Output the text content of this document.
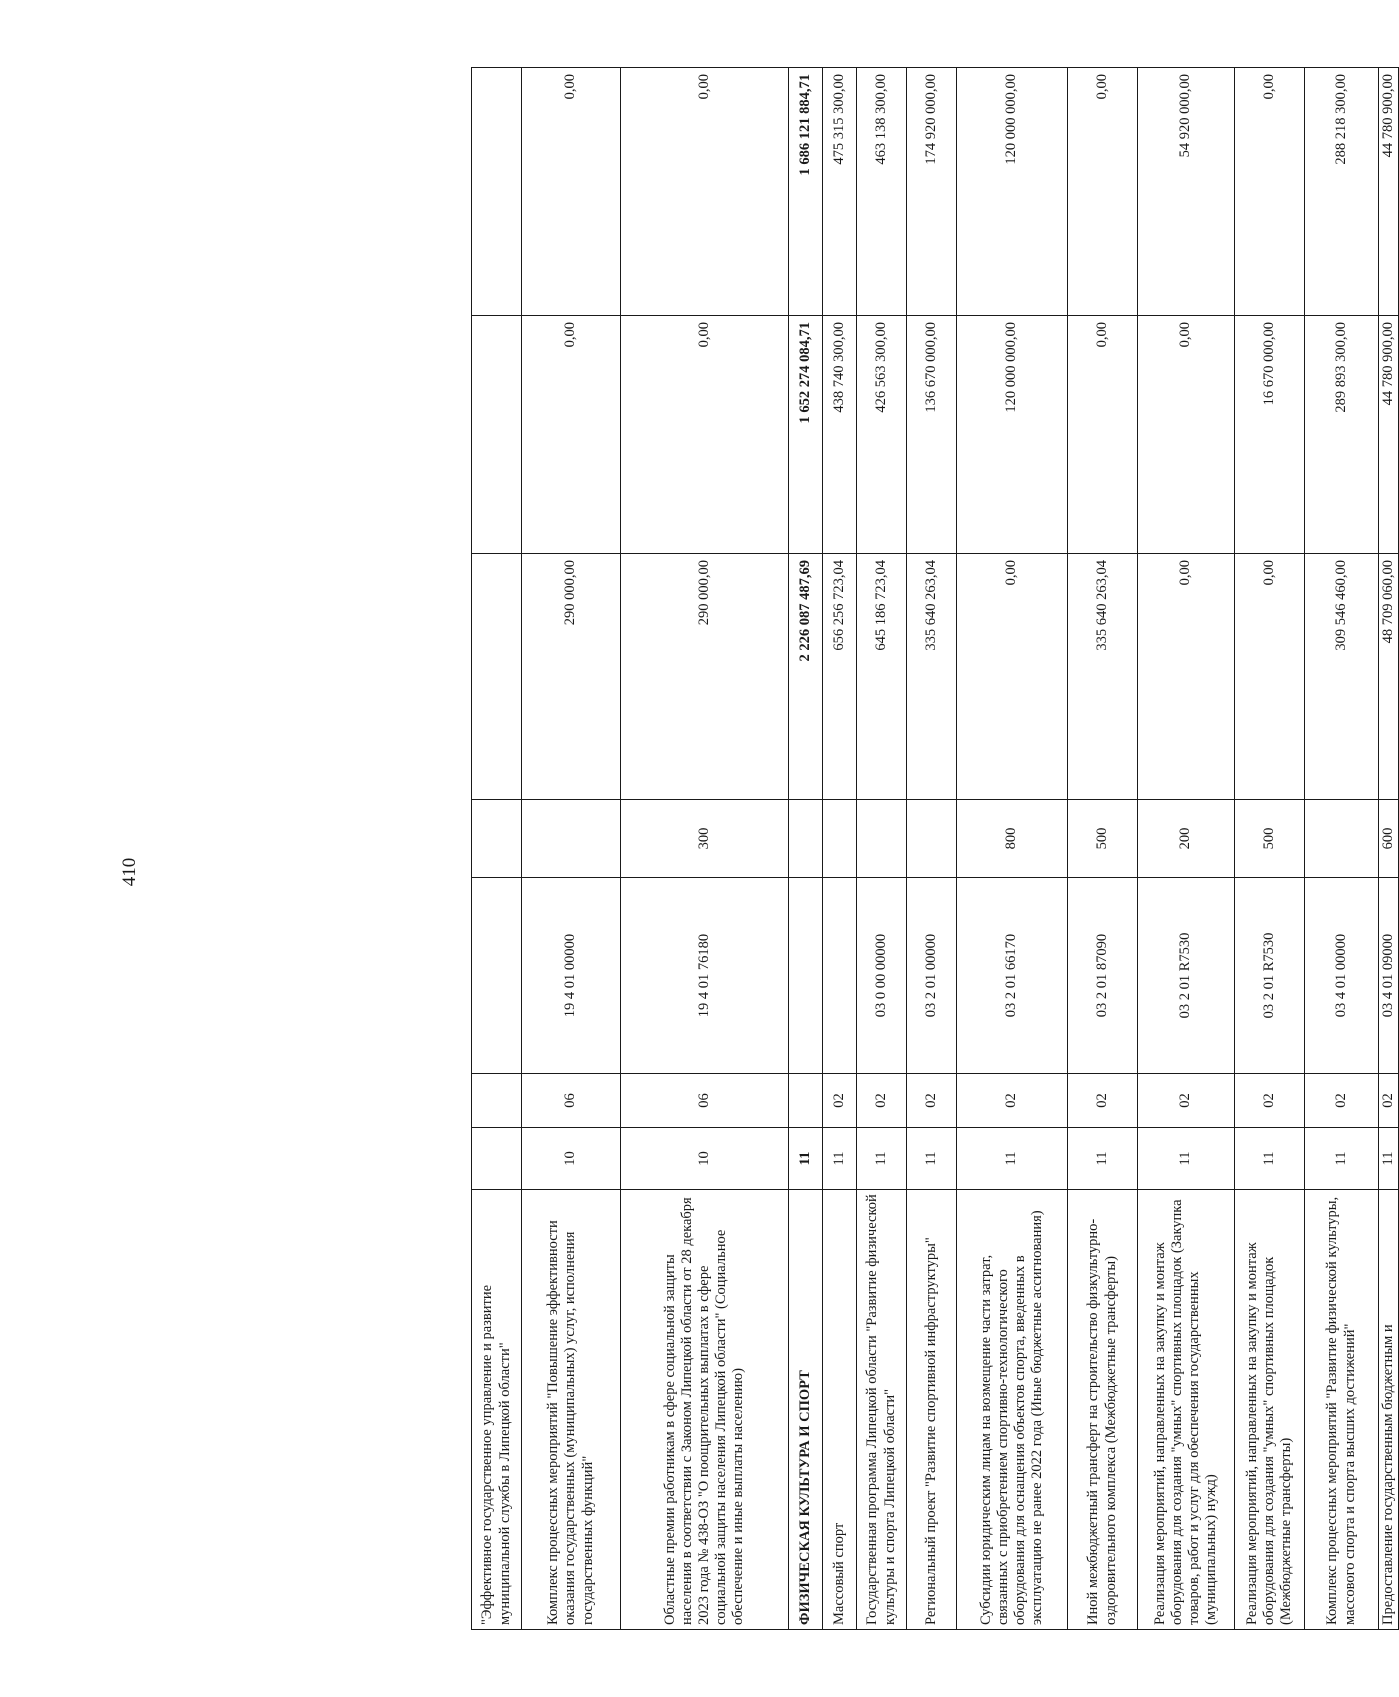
410
"Эффективное государственное управление и развитие муниципальной службы в Липецкой области"							
Комплекс процессных мероприятий "Повышение эффективности оказания государственных (муниципальных) услуг, исполнения государственных функций"	10	06	19 4 01 00000		290 000,00	0,00	0,00
Областные премии работникам в сфере социальной защиты населения в соответствии с Законом Липецкой области от 28 декабря 2023 года № 438-ОЗ "О поощрительных выплатах в сфере социальной защиты населения Липецкой области" (Социальное обеспечение и иные выплаты населению)	10	06	19 4 01 76180	300	290 000,00	0,00	0,00
ФИЗИЧЕСКАЯ КУЛЬТУРА И СПОРТ	11				2 226 087 487,69	1 652 274 084,71	1 686 121 884,71
Массовый спорт	11	02			656 256 723,04	438 740 300,00	475 315 300,00
Государственная программа Липецкой области "Развитие физической культуры и спорта Липецкой области"	11	02	03 0 00 00000		645 186 723,04	426 563 300,00	463 138 300,00
Региональный проект "Развитие спортивной инфраструктуры"	11	02	03 2 01 00000		335 640 263,04	136 670 000,00	174 920 000,00
Субсидии юридическим лицам на возмещение части затрат, связанных с приобретением спортивно-технологического оборудования для оснащения объектов спорта, введенных в эксплуатацию не ранее 2022 года (Иные бюджетные ассигнования)	11	02	03 2 01 66170	800	0,00	120 000 000,00	120 000 000,00
Иной межбюджетный трансферт на строительство физкультурно-оздоровительного комплекса (Межбюджетные трансферты)	11	02	03 2 01 87090	500	335 640 263,04	0,00	0,00
Реализация мероприятий, направленных на закупку и монтаж оборудования для создания "умных" спортивных площадок (Закупка товаров, работ и услуг для обеспечения государственных (муниципальных) нужд)	11	02	03 2 01 R7530	200	0,00	0,00	54 920 000,00
Реализация мероприятий, направленных на закупку и монтаж оборудования для создания "умных" спортивных площадок (Межбюджетные трансферты)	11	02	03 2 01 R7530	500	0,00	16 670 000,00	0,00
Комплекс процессных мероприятий "Развитие физической культуры, массового спорта и спорта высших достижений"	11	02	03 4 01 00000		309 546 460,00	289 893 300,00	288 218 300,00
Предоставление государственным бюджетным и	11	02	03 4 01 09000	600	48 709 060,00	44 780 900,00	44 780 900,00
